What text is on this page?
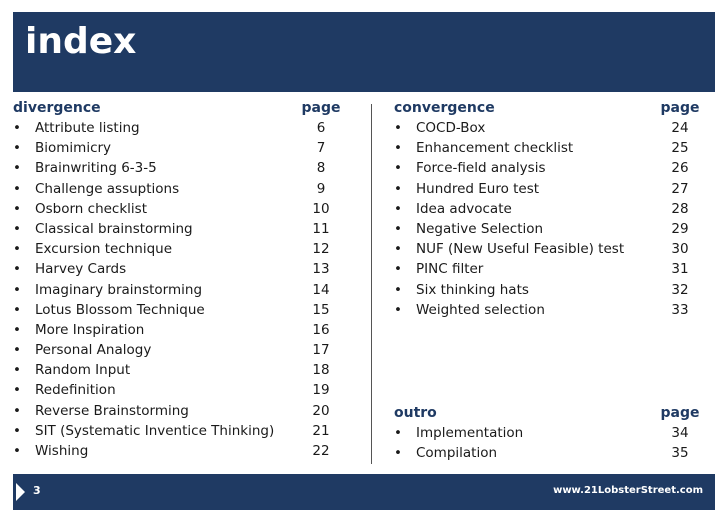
index
divergence	page
•	Attribute listing	6
•	Biomimicry	7
•	Brainwriting 6-3-5	8
•	Challenge assuptions	9
•	Osborn checklist	10
•	Classical brainstorming	11
•	Excursion technique	12
•	Harvey Cards	13
•	Imaginary brainstorming	14
•	Lotus Blossom Technique	15
•	More Inspiration	16
•	Personal Analogy	17
•	Random Input	18
•	Redefinition	19
•	Reverse Brainstorming	20
•	SIT (Systematic Inventice Thinking)	21
•	Wishing	22
convergence	page
•	COCD-Box	24
•	Enhancement checklist	25
•	Force-field analysis	26
•	Hundred Euro test	27
•	Idea advocate	28
•	Negative Selection	29
•	NUF (New Useful Feasible) test	30
•	PINC filter	31
•	Six thinking hats	32
•	Weighted selection	33
outro	page
•	Implementation	34
•	Compilation	35
3	www.21LobsterStreet.com
